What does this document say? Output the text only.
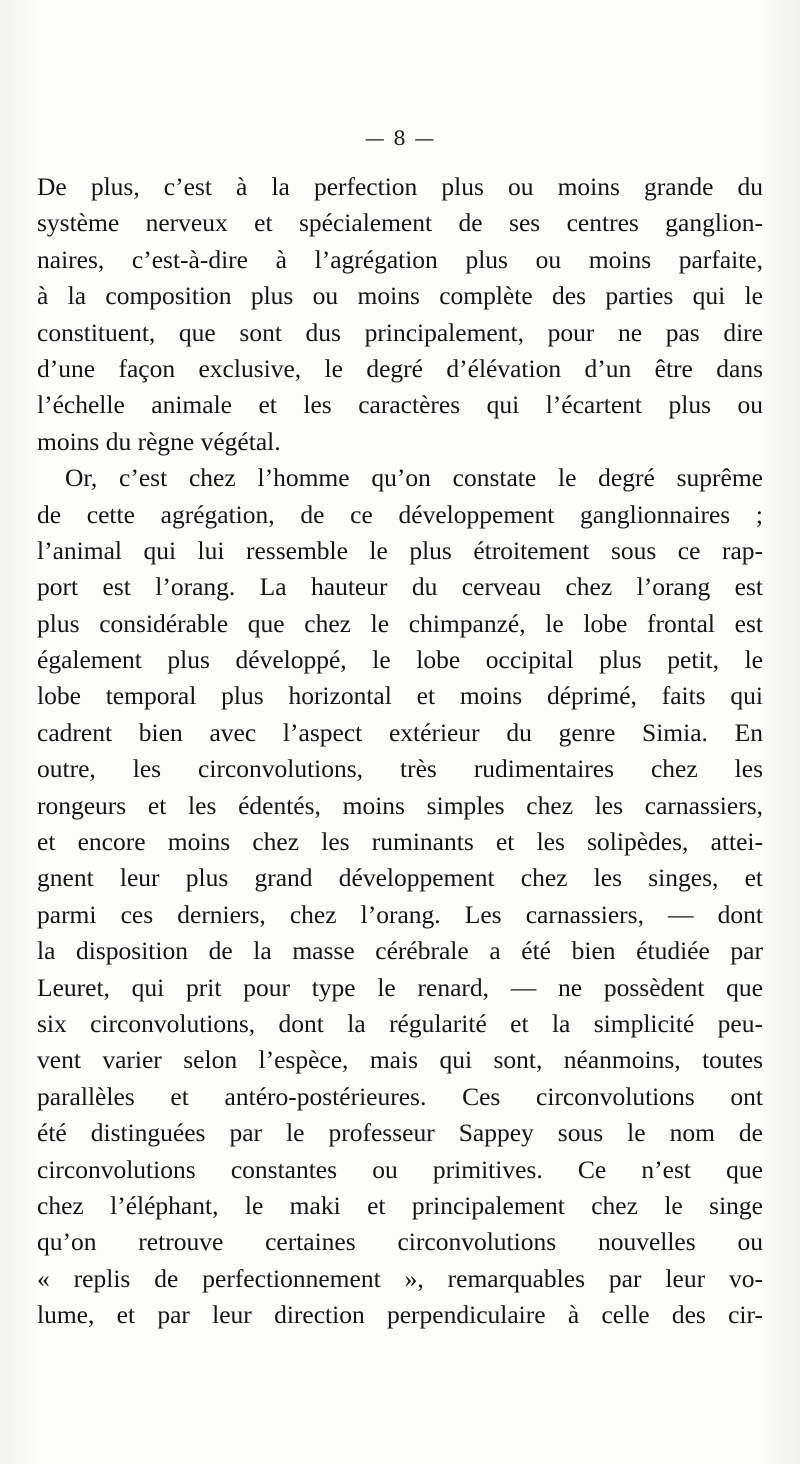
— 8 —
De plus, c’est à la perfection plus ou moins grande du
système nerveux et spécialement de ses centres ganglion-
naires, c’est-à-dire à l’agrégation plus ou moins parfaite,
à la composition plus ou moins complète des parties qui le
constituent, que sont dus principalement, pour ne pas dire
d’une façon exclusive, le degré d’élévation d’un être dans
l’échelle animale et les caractères qui l’écartent plus ou
moins du règne végétal.
Or, c’est chez l’homme qu’on constate le degré suprême
de cette agrégation, de ce développement ganglionnaires ;
l’animal qui lui ressemble le plus étroitement sous ce rap-
port est l’orang. La hauteur du cerveau chez l’orang est
plus considérable que chez le chimpanzé, le lobe frontal est
également plus développé, le lobe occipital plus petit, le
lobe temporal plus horizontal et moins déprimé, faits qui
cadrent bien avec l’aspect extérieur du genre Simia. En
outre, les circonvolutions, très rudimentaires chez les
rongeurs et les édentés, moins simples chez les carnassiers,
et encore moins chez les ruminants et les solipèdes, attei-
gnent leur plus grand développement chez les singes, et
parmi ces derniers, chez l’orang. Les carnassiers, — dont
la disposition de la masse cérébrale a été bien étudiée par
Leuret, qui prit pour type le renard, — ne possèdent que
six circonvolutions, dont la régularité et la simplicité peu-
vent varier selon l’espèce, mais qui sont, néanmoins, toutes
parallèles et antéro-postérieures. Ces circonvolutions ont
été distinguées par le professeur Sappey sous le nom de
circonvolutions constantes ou primitives. Ce n’est que
chez l’éléphant, le maki et principalement chez le singe
qu’on retrouve certaines circonvolutions nouvelles ou
« replis de perfectionnement », remarquables par leur vo-
lume, et par leur direction perpendiculaire à celle des cir-
